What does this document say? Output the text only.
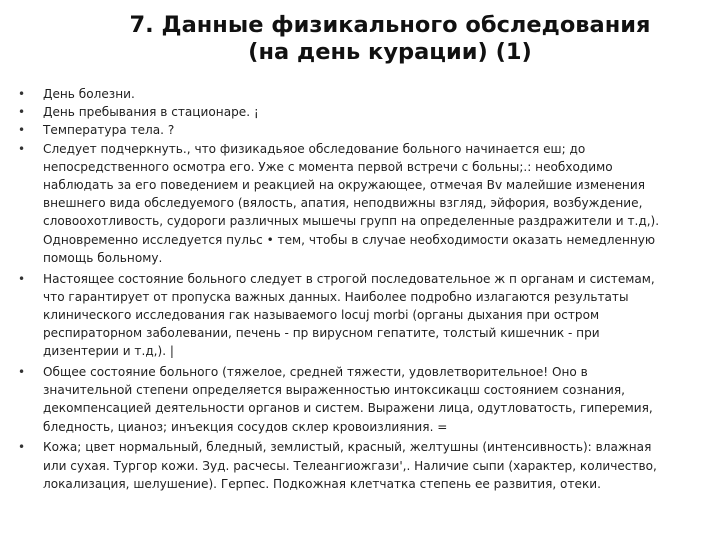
7. Данные физикального обследования
(на день курации) (1)
•	День болезни.
•	День пребывания в стационаре. ¡
•	Температура тела. ?
•	Следует подчеркнуть., что физикадьяое обследование больного начинается еш; до
непосредственного осмотра его. Уже с момента первой встречи с больны;.: необходимо
наблюдать за его поведением и реакцией на окружающее, отмечая Bv малейшие изменения
внешнего вида обследуемого (вялость, апатия, неподвижны взгляд, эйфория, возбуждение,
словоохотливость, судороги различных мышечы групп на определенные раздражители и т.д,).
Одновременно исследуется пульс • тем, чтобы в случае необходимости оказать немедленную
помощь больному.
•	Настоящее состояние больного следует в строгой последовательное ж п органам и системам,
что гарантирует от пропуска важных данных. Наиболее подробно излагаются результаты
клинического исследования гак называемого locuj morbi (органы дыхания при остром
респираторном заболевании, печень - пр вирусном гепатите, толстый кишечник - при
дизентерии и т.д,). |
•	Общее состояние больного (тяжелое, средней тяжести, удовлетворительное! Оно в
значительной степени определяется выраженностью интоксикацш состоянием сознания,
декомпенсацией деятельности органов и систем. Выражени лица, одутловатость, гиперемия,
бледность, цианоз; инъекция сосудов склер кровоизлияния. =
•	Кожа; цвет нормальный, бледный, землистый, красный, желтушны (интенсивность): влажная
или сухая. Тургор кожи. Зуд. расчесы. Телеангиожгази',. Наличие сыпи (характер, количество,
локализация, шелушение). Герпес. Подкожная клетчатка степень ее развития, отеки.
